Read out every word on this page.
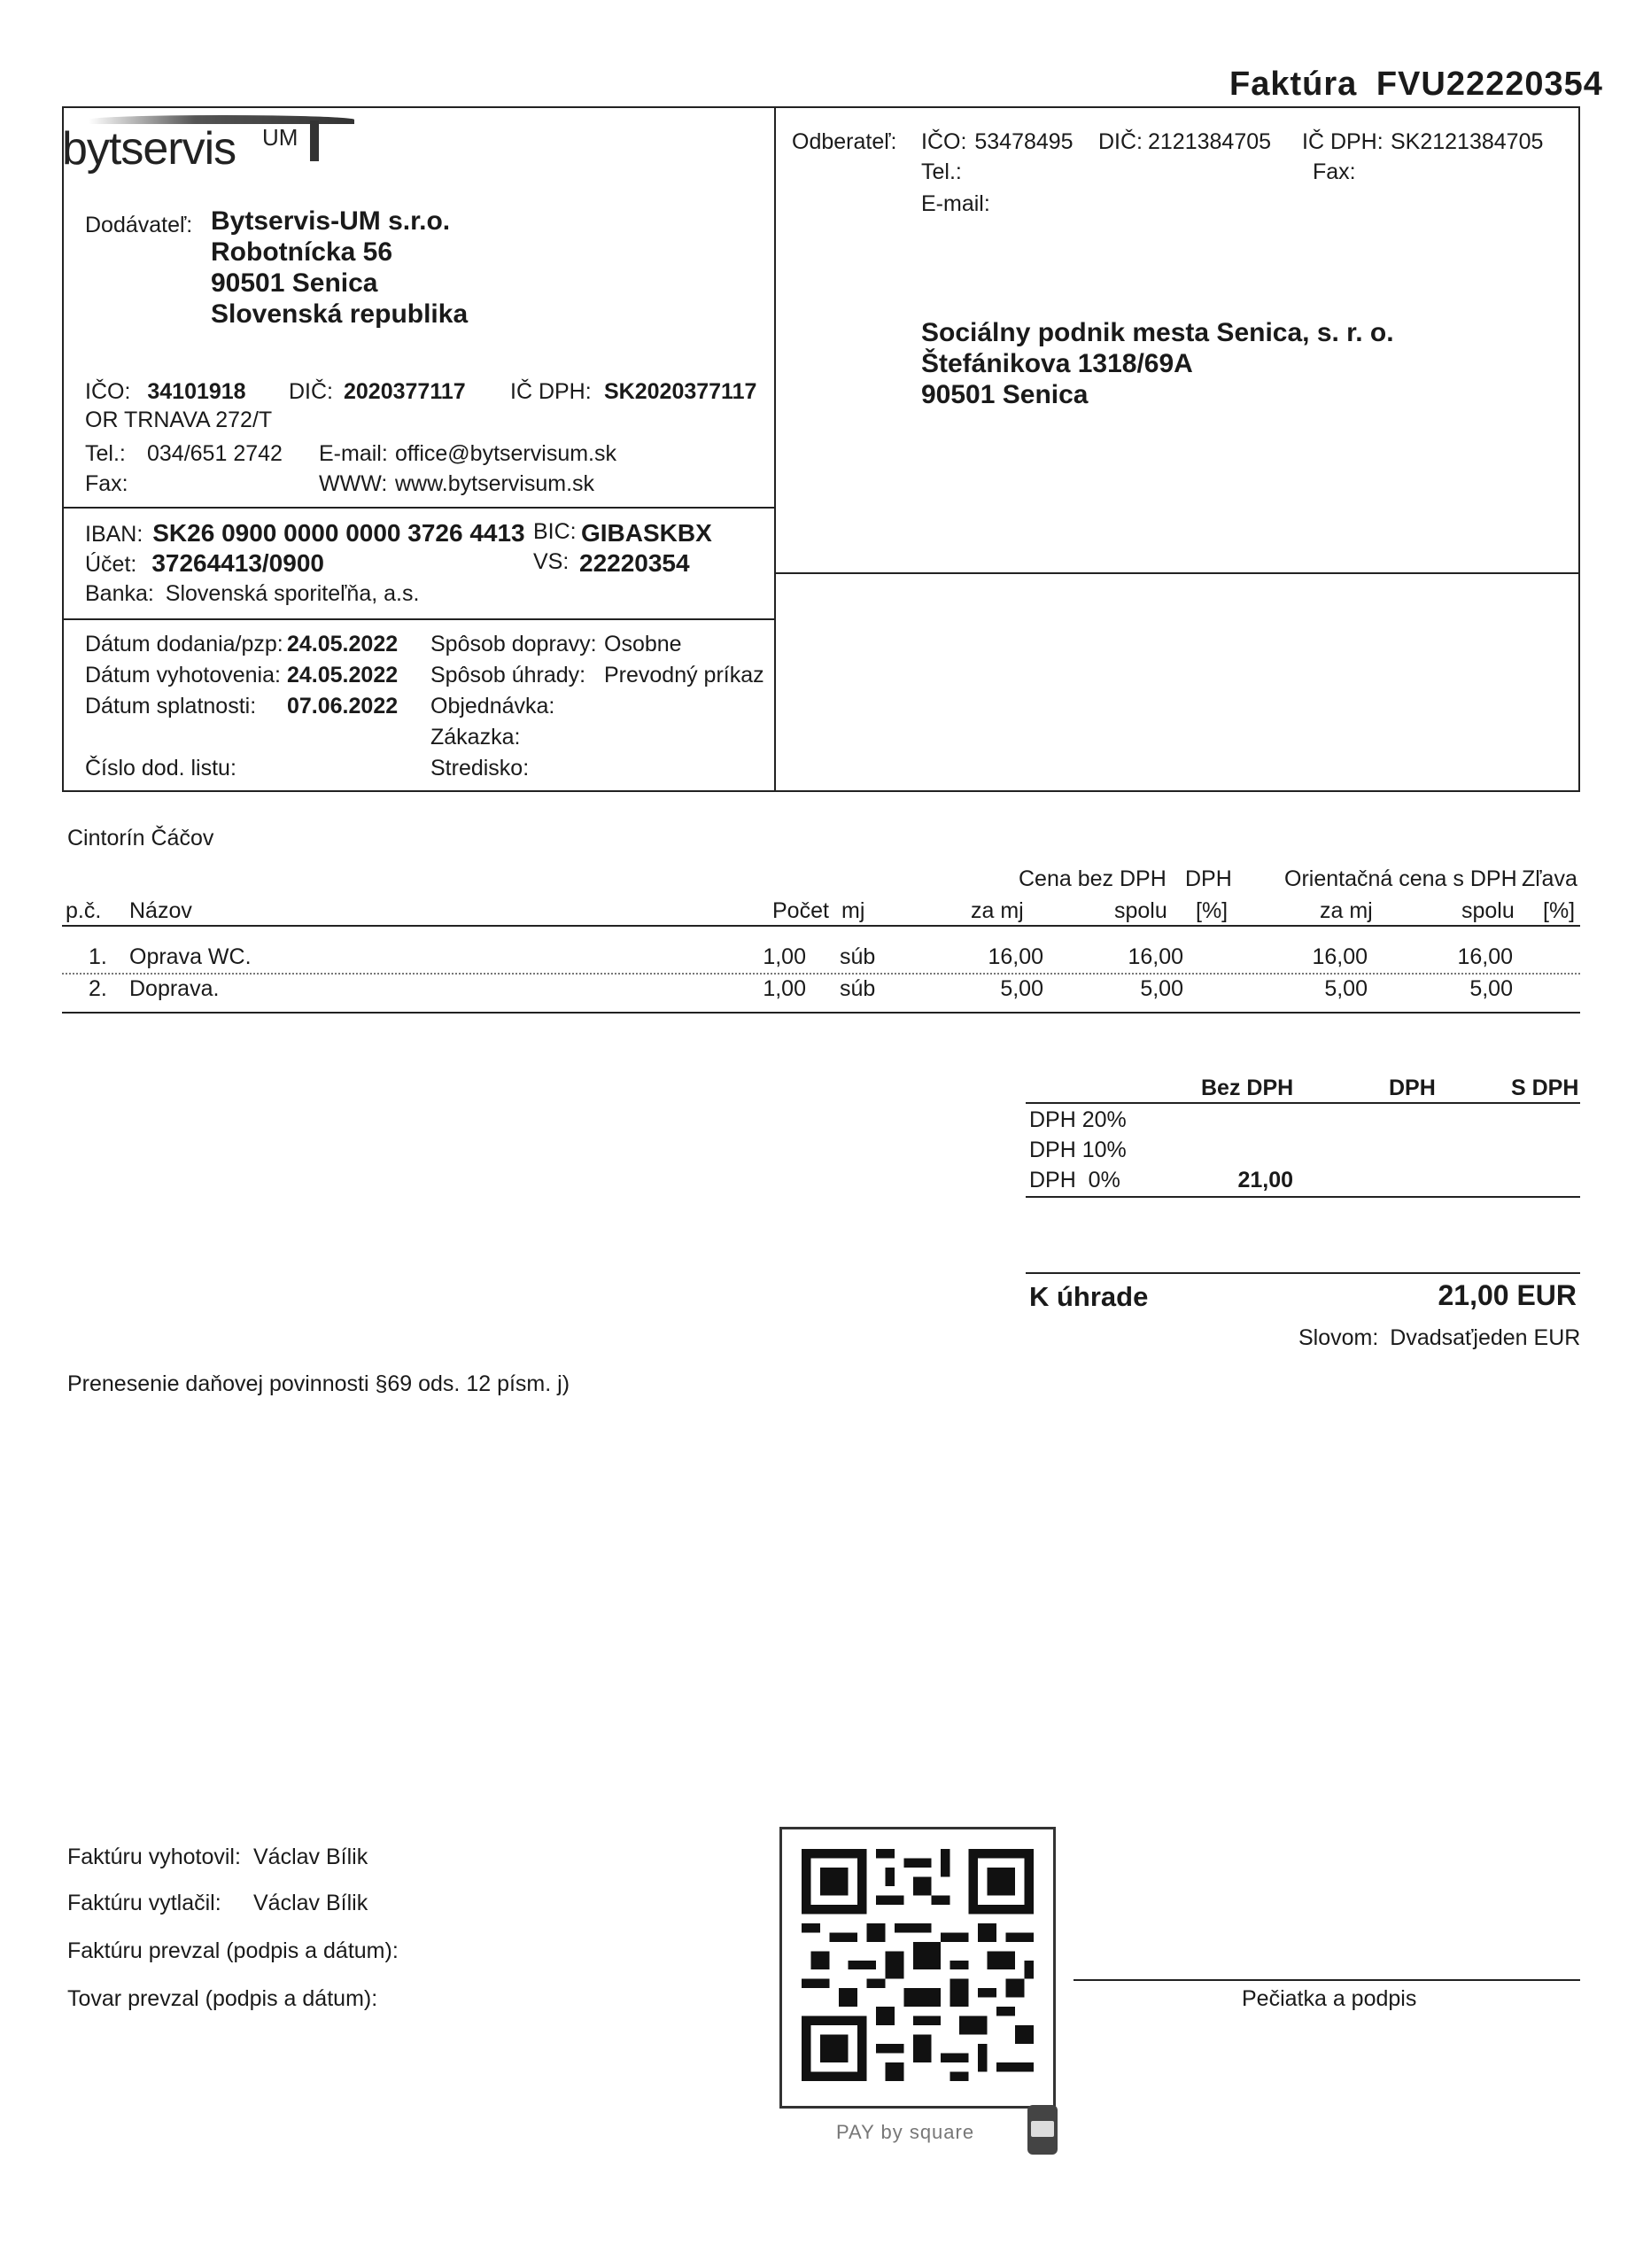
Faktúra FVU22220354
bytservis UM
Dodávateľ: Bytservis-UM s.r.o.
Robotnícka 56
90501 Senica
Slovenská republika
IČO: 34101918 DIČ: 2020377117 IČ DPH: SK2020377117
OR TRNAVA 272/T
Tel.: 034/651 2742 E-mail: office@bytservisum.sk
Fax:	WWW: www.bytservisum.sk
IBAN: SK26 0900 0000 0000 3726 4413 BIC: GIBASKBX
Účet: 37264413/0900	VS: 22220354
Banka: Slovenská sporiteľňa, a.s.
Dátum dodania/pzp: 24.05.2022 Spôsob dopravy: Osobne
Dátum vyhotovenia: 24.05.2022 Spôsob úhrady: Prevodný príkaz
Dátum splatnosti: 07.06.2022 Objednávka:
Zákazka:
Číslo dod. listu:	Stredisko:
Odberateľ: IČO: 53478495 DIČ: 2121384705 IČ DPH: SK2121384705
Tel.:	Fax:
E-mail:
Sociálny podnik mesta Senica, s. r. o.
Štefánikova 1318/69A
90501 Senica
Cintorín Čáčov
Cena bez DPH DPH Orientačná cena s DPH Zľava
p.č. Názov	Počet mj	za mj	spolu [%]	za mj	spolu [%]
1. Oprava WC.	1,00 súb	16,00	16,00	16,00	16,00
2. Doprava.	1,00 súb	5,00	5,00	5,00	5,00
Bez DPH	DPH	S DPH
DPH 20%
DPH 10%
DPH  0%	21,00
K úhrade	21,00 EUR
Slovom: Dvadsaťjeden EUR
Prenesenie daňovej povinnosti §69 ods. 12 písm. j)
Faktúru vyhotovil: Václav Bílik
Faktúru vytlačil: Václav Bílik
Faktúru prevzal (podpis a dátum):
Tovar prevzal (podpis a dátum):	Pečiatka a podpis
PAY by square
